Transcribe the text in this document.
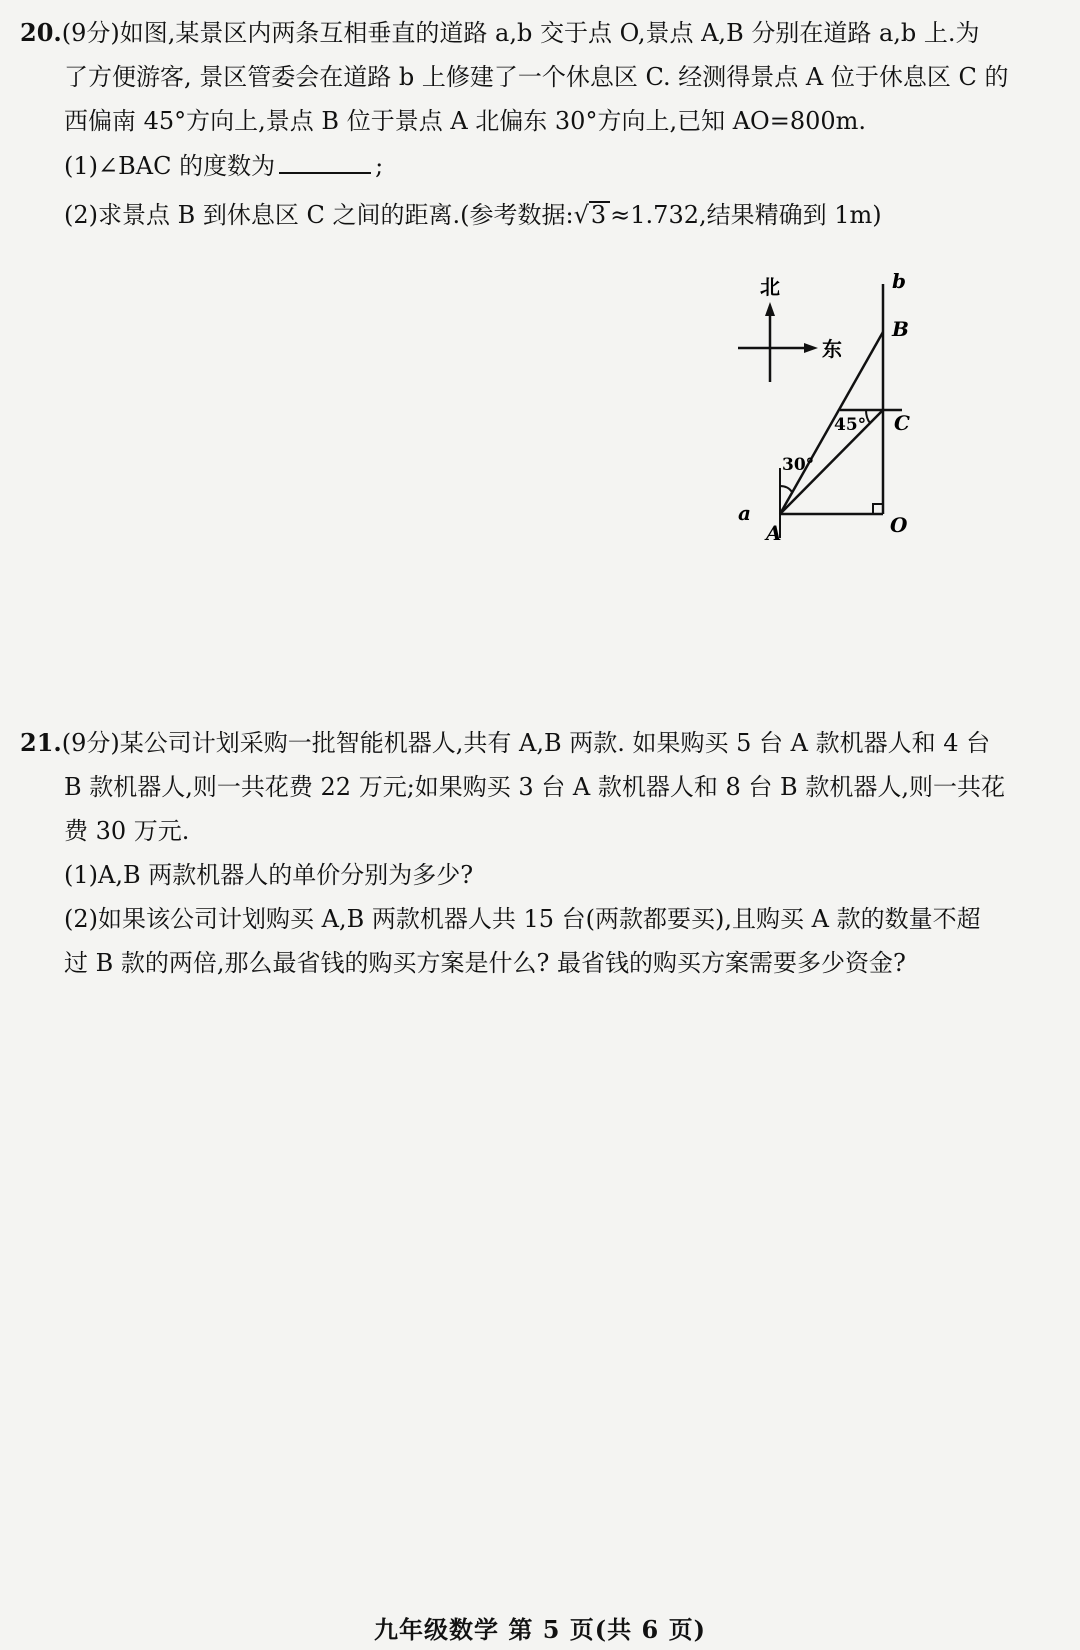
20.(9分)如图,某景区内两条互相垂直的道路 a,b 交于点 O,景点 A,B 分别在道路 a,b 上.为
了方便游客, 景区管委会在道路 b 上修建了一个休息区 C. 经测得景点 A 位于休息区 C 的
西偏南 45°方向上,景点 B 位于景点 A 北偏东 30°方向上,已知 AO=800m.
(1)∠BAC 的度数为	;
(2)求景点 B 到休息区 C 之间的距离.(参考数据:√3 ≈1.732,结果精确到 1m)
北
东
30°
45°
b
B
C
O
A
a
21.(9分)某公司计划采购一批智能机器人,共有 A,B 两款. 如果购买 5 台 A 款机器人和 4 台
B 款机器人,则一共花费 22 万元;如果购买 3 台 A 款机器人和 8 台 B 款机器人,则一共花
费 30 万元.
(1)A,B 两款机器人的单价分别为多少?
(2)如果该公司计划购买 A,B 两款机器人共 15 台(两款都要买),且购买 A 款的数量不超
过 B 款的两倍,那么最省钱的购买方案是什么? 最省钱的购买方案需要多少资金?
九年级数学 第 5 页(共 6 页)
